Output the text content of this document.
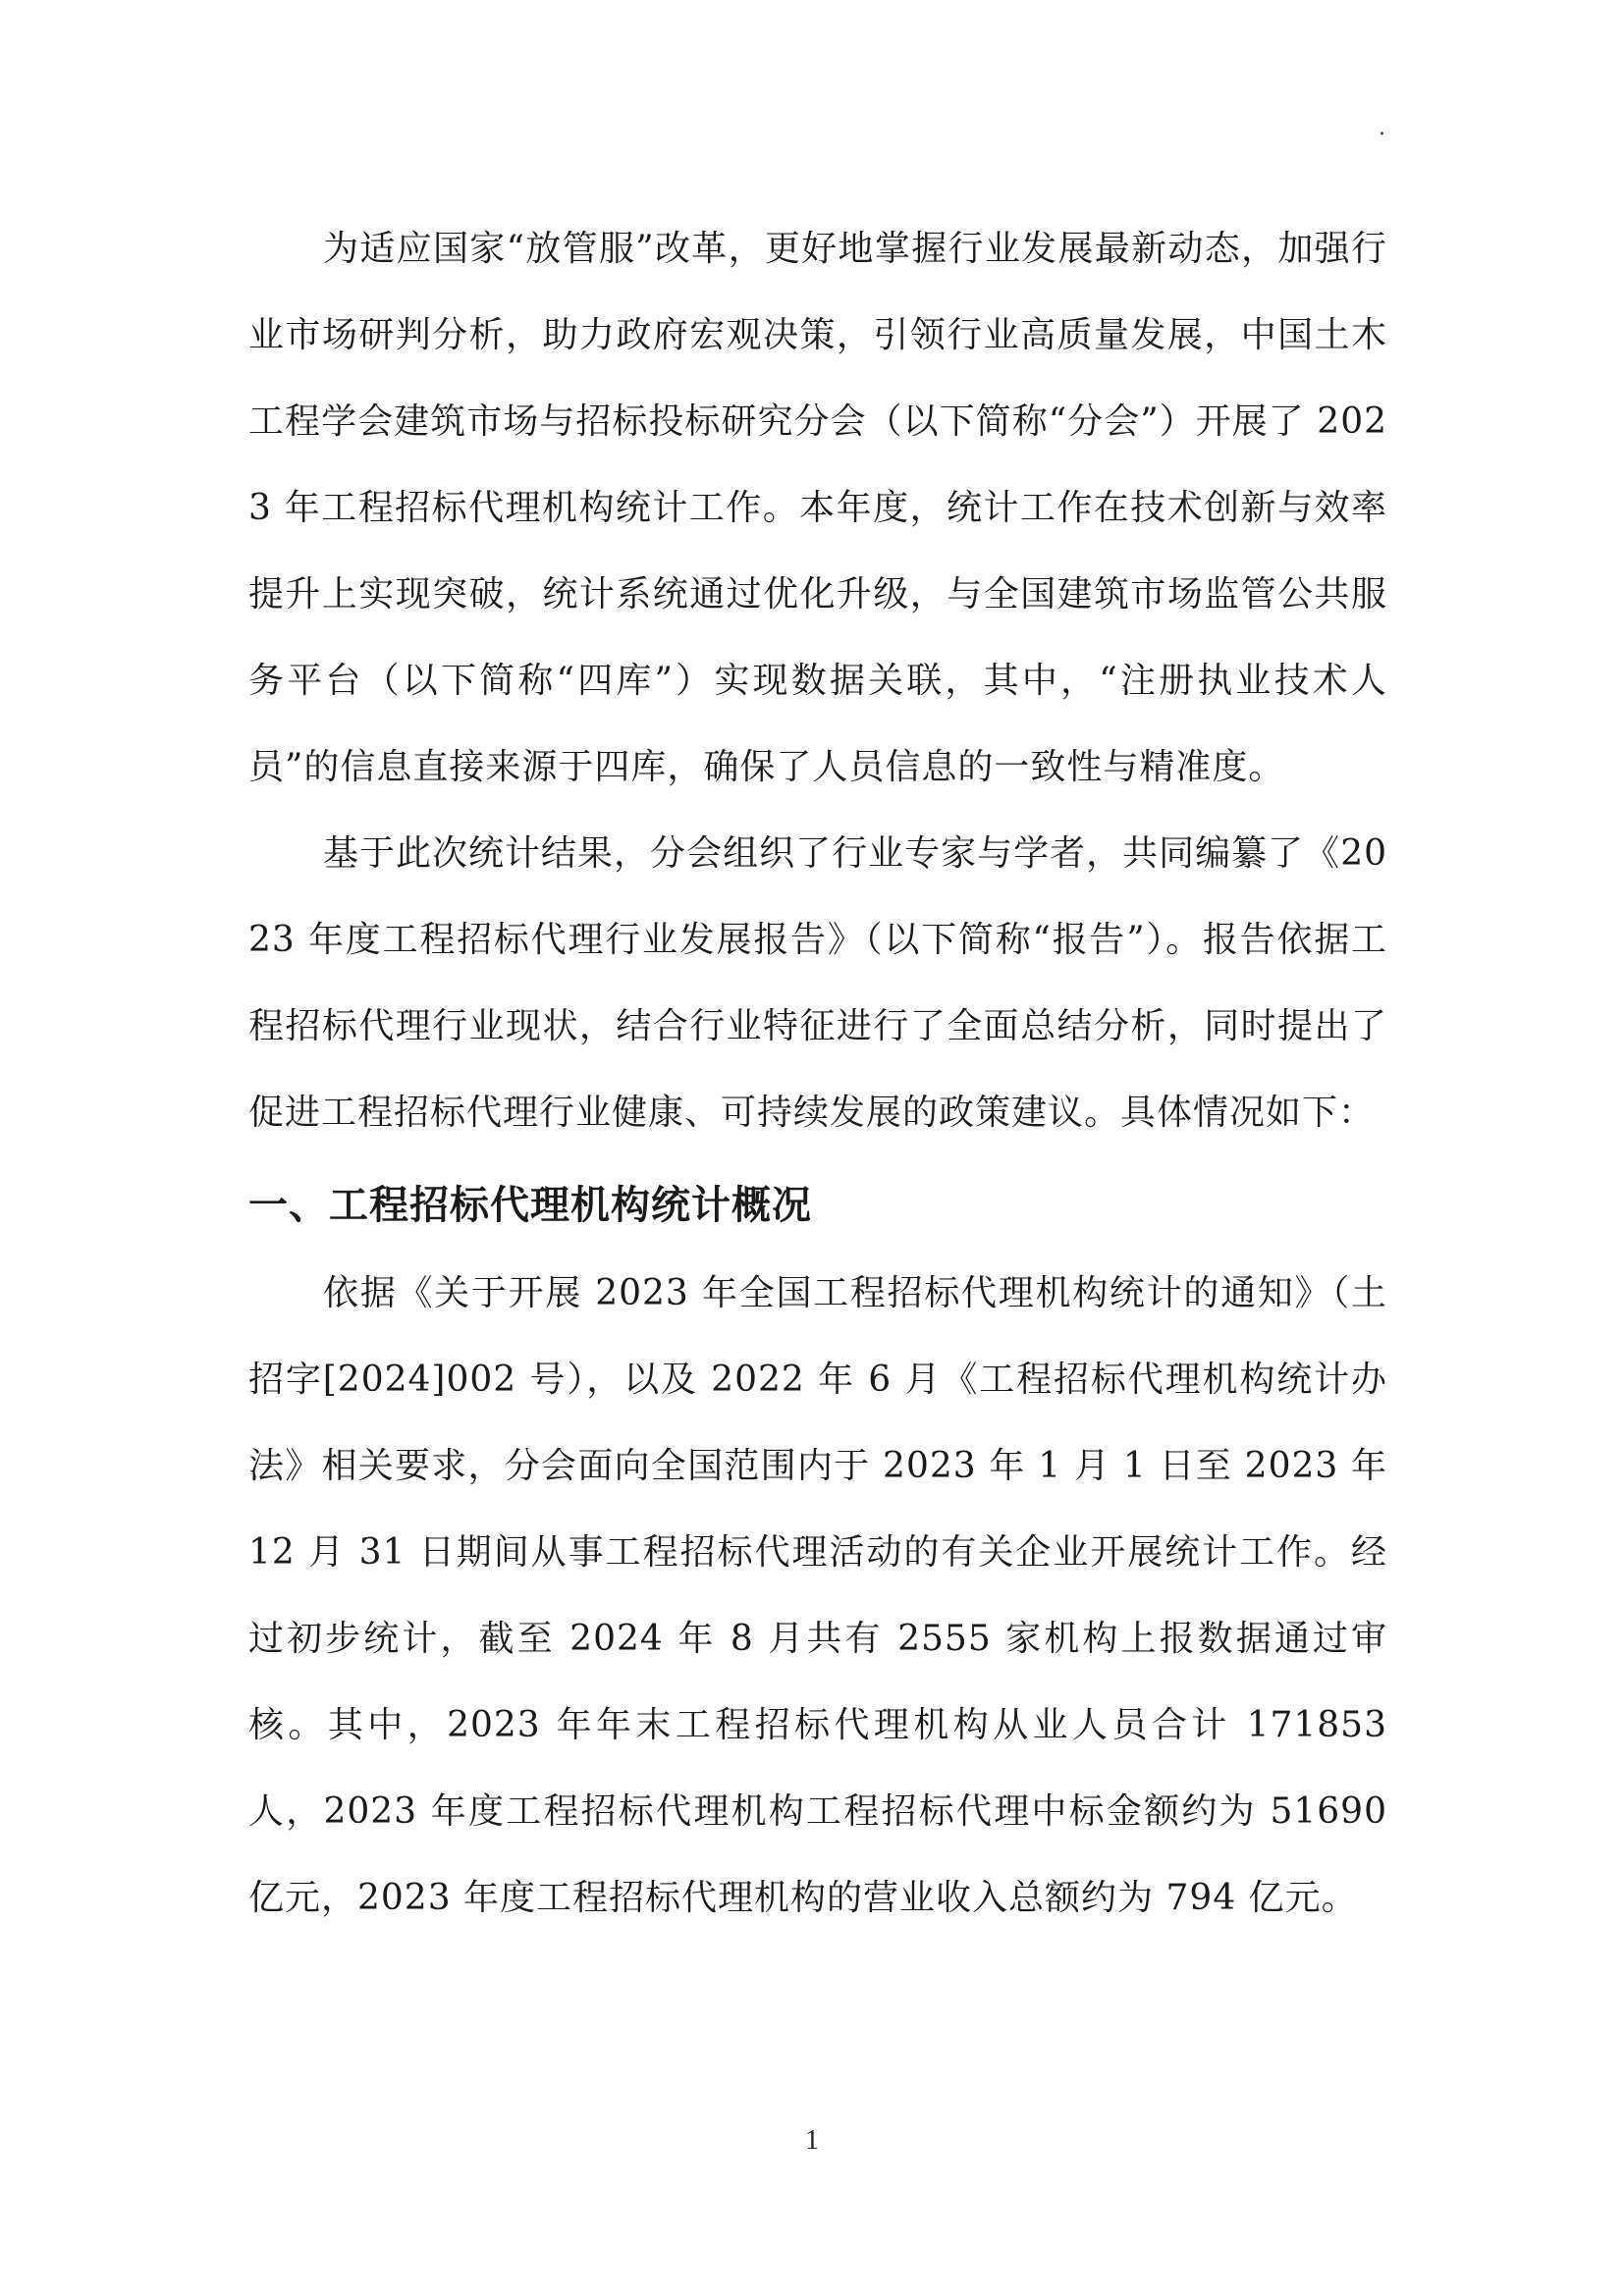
.

为适应国家“放管服”改革，更好地掌握行业发展最新动态，加强行业市场研判分析，助力政府宏观决策，引领行业高质量发展，中国土木工程学会建筑市场与招标投标研究分会（以下简称“分会”）开展了 2023 年工程招标代理机构统计工作。本年度，统计工作在技术创新与效率提升上实现突破，统计系统通过优化升级，与全国建筑市场监管公共服务平台（以下简称“四库”）实现数据关联，其中，“注册执业技术人员”的信息直接来源于四库，确保了人员信息的一致性与精准度。

基于此次统计结果，分会组织了行业专家与学者，共同编纂了《2023 年度工程招标代理行业发展报告》（以下简称“报告”）。报告依据工程招标代理行业现状，结合行业特征进行了全面总结分析，同时提出了促进工程招标代理行业健康、可持续发展的政策建议。具体情况如下：

一、工程招标代理机构统计概况

依据《关于开展 2023 年全国工程招标代理机构统计的通知》（土招字[2024]002 号），以及 2022 年 6 月《工程招标代理机构统计办法》相关要求，分会面向全国范围内于 2023 年 1 月 1 日至 2023 年 12 月 31 日期间从事工程招标代理活动的有关企业开展统计工作。经过初步统计，截至 2024 年 8 月共有 2555 家机构上报数据通过审核。其中，2023 年年末工程招标代理机构从业人员合计 171853 人，2023 年度工程招标代理机构工程招标代理中标金额约为 51690 亿元，2023 年度工程招标代理机构的营业收入总额约为 794 亿元。

1
